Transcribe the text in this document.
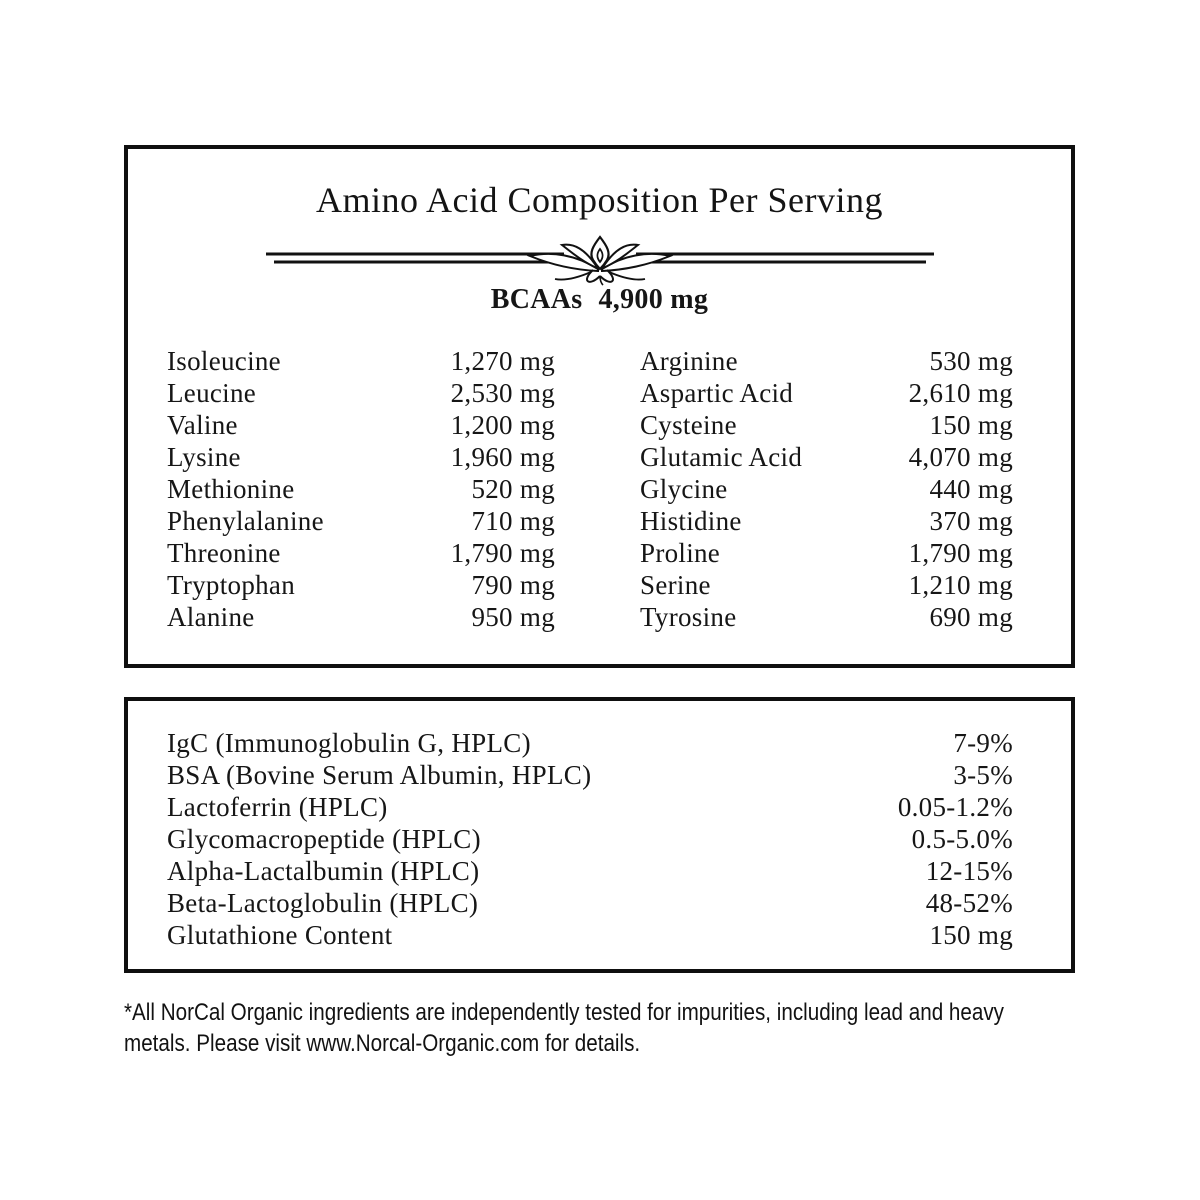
Amino Acid Composition Per Serving
BCAAs 4,900 mg
Isoleucine	1,270 mg
Leucine	2,530 mg
Valine	1,200 mg
Lysine	1,960 mg
Methionine	520 mg
Phenylalanine	710 mg
Threonine	1,790 mg
Tryptophan	790 mg
Alanine	950 mg
Arginine	530 mg
Aspartic Acid	2,610 mg
Cysteine	150 mg
Glutamic Acid	4,070 mg
Glycine	440 mg
Histidine	370 mg
Proline	1,790 mg
Serine	1,210 mg
Tyrosine	690 mg
IgC (Immunoglobulin G, HPLC)	7-9%
BSA (Bovine Serum Albumin, HPLC)	3-5%
Lactoferrin (HPLC)	0.05-1.2%
Glycomacropeptide (HPLC)	0.5-5.0%
Alpha-Lactalbumin (HPLC)	12-15%
Beta-Lactoglobulin (HPLC)	48-52%
Glutathione Content	150 mg
*All NorCal Organic ingredients are independently tested for impurities, including lead and heavy
metals. Please visit www.Norcal-Organic.com for details.
